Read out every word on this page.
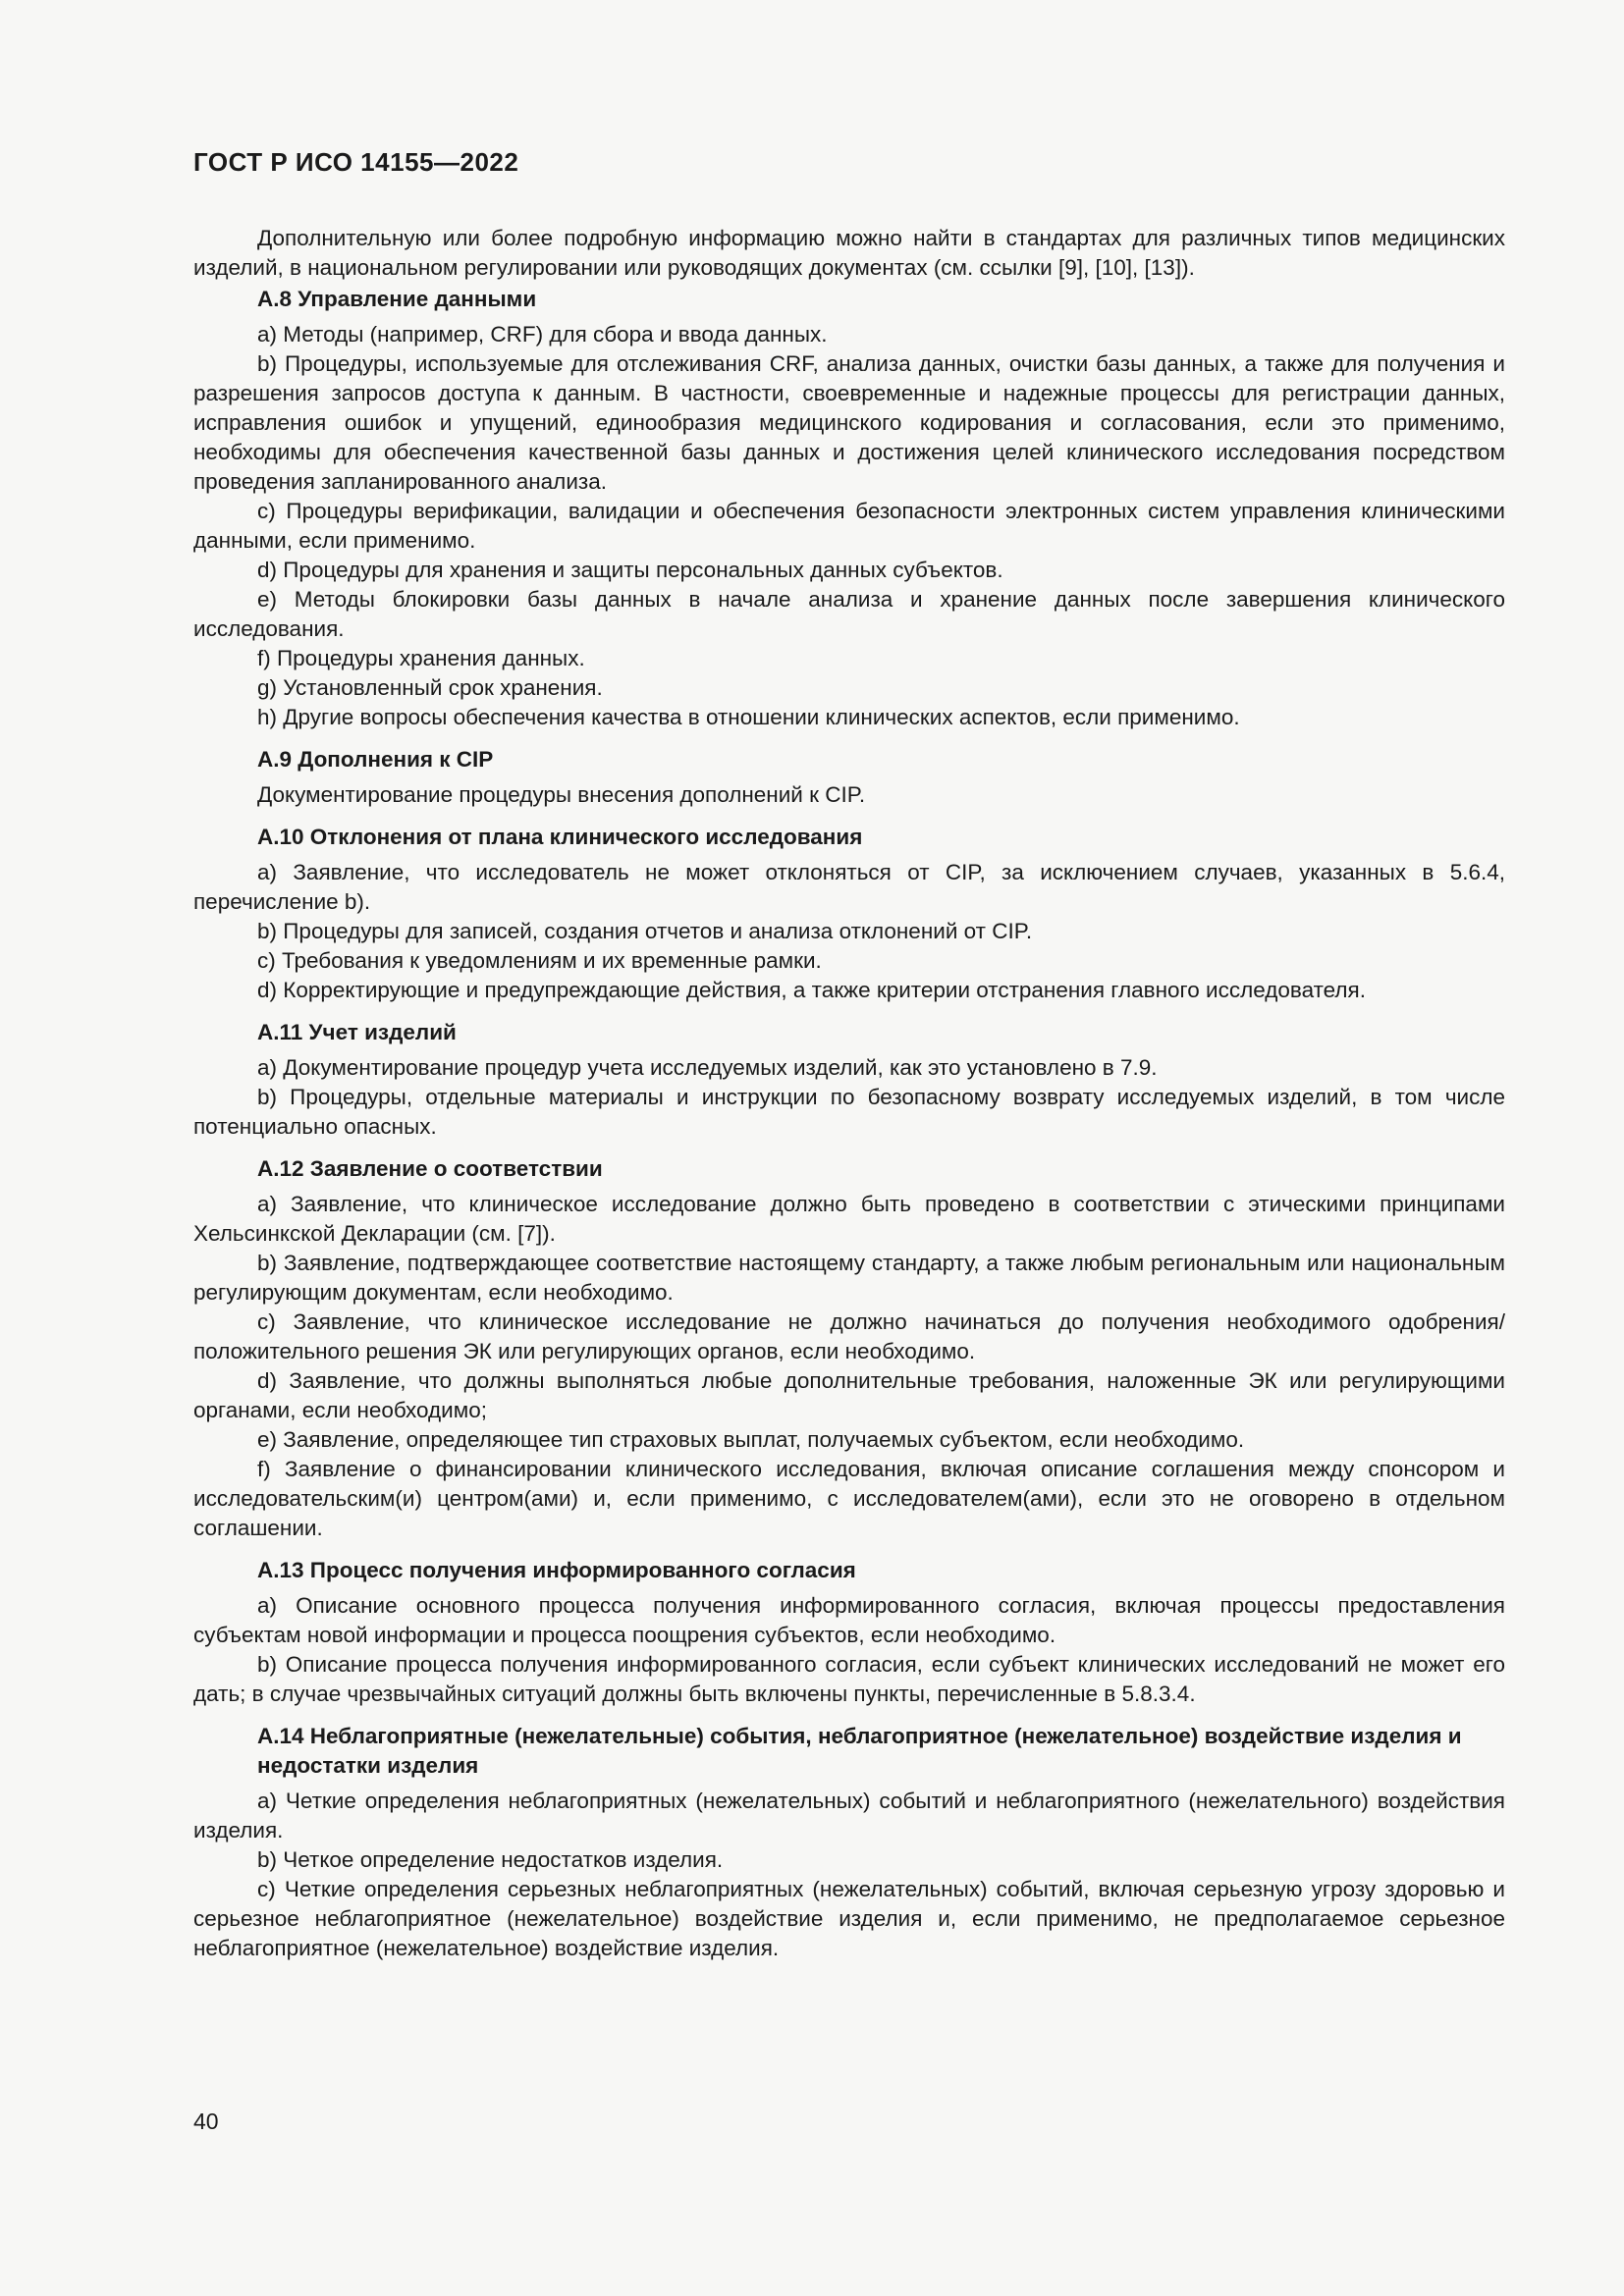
ГОСТ Р ИСО 14155—2022

Дополнительную или более подробную информацию можно найти в стандартах для различных типов медицинских изделий, в национальном регулировании или руководящих документах (см. ссылки [9], [10], [13]).

А.8 Управление данными

a) Методы (например, CRF) для сбора и ввода данных.

b) Процедуры, используемые для отслеживания CRF, анализа данных, очистки базы данных, а также для получения и разрешения запросов доступа к данным. В частности, своевременные и надежные процессы для регистрации данных, исправления ошибок и упущений, единообразия медицинского кодирования и согласования, если это применимо, необходимы для обеспечения качественной базы данных и достижения целей клинического исследования посредством проведения запланированного анализа.

c) Процедуры верификации, валидации и обеспечения безопасности электронных систем управления клиническими данными, если применимо.

d) Процедуры для хранения и защиты персональных данных субъектов.

e) Методы блокировки базы данных в начале анализа и хранение данных после завершения клинического исследования.

f) Процедуры хранения данных.

g) Установленный срок хранения.

h) Другие вопросы обеспечения качества в отношении клинических аспектов, если применимо.

А.9 Дополнения к CIP

Документирование процедуры внесения дополнений к CIP.

А.10 Отклонения от плана клинического исследования

a) Заявление, что исследователь не может отклоняться от CIP, за исключением случаев, указанных в 5.6.4, перечисление b).

b) Процедуры для записей, создания отчетов и анализа отклонений от CIP.

c) Требования к уведомлениям и их временные рамки.

d) Корректирующие и предупреждающие действия, а также критерии отстранения главного исследователя.

А.11 Учет изделий

a) Документирование процедур учета исследуемых изделий, как это установлено в 7.9.

b) Процедуры, отдельные материалы и инструкции по безопасному возврату исследуемых изделий, в том числе потенциально опасных.

А.12 Заявление о соответствии

a) Заявление, что клиническое исследование должно быть проведено в соответствии с этическими принципами Хельсинкской Декларации (см. [7]).

b) Заявление, подтверждающее соответствие настоящему стандарту, а также любым региональным или национальным регулирующим документам, если необходимо.

c) Заявление, что клиническое исследование не должно начинаться до получения необходимого одобрения/ положительного решения ЭК или регулирующих органов, если необходимо.

d) Заявление, что должны выполняться любые дополнительные требования, наложенные ЭК или регулирующими органами, если необходимо;

e) Заявление, определяющее тип страховых выплат, получаемых субъектом, если необходимо.

f) Заявление о финансировании клинического исследования, включая описание соглашения между спонсором и исследовательским(и) центром(ами) и, если применимо, с исследователем(ами), если это не оговорено в отдельном соглашении.

А.13 Процесс получения информированного согласия

a) Описание основного процесса получения информированного согласия, включая процессы предоставления субъектам новой информации и процесса поощрения субъектов, если необходимо.

b) Описание процесса получения информированного согласия, если субъект клинических исследований не может его дать; в случае чрезвычайных ситуаций должны быть включены пункты, перечисленные в 5.8.3.4.

А.14 Неблагоприятные (нежелательные) события, неблагоприятное (нежелательное) воздействие изделия и недостатки изделия

a) Четкие определения неблагоприятных (нежелательных) событий и неблагоприятного (нежелательного) воздействия изделия.

b) Четкое определение недостатков изделия.

c) Четкие определения серьезных неблагоприятных (нежелательных) событий, включая серьезную угрозу здоровью и серьезное неблагоприятное (нежелательное) воздействие изделия и, если применимо, не предполагаемое серьезное неблагоприятное (нежелательное) воздействие изделия.

40
